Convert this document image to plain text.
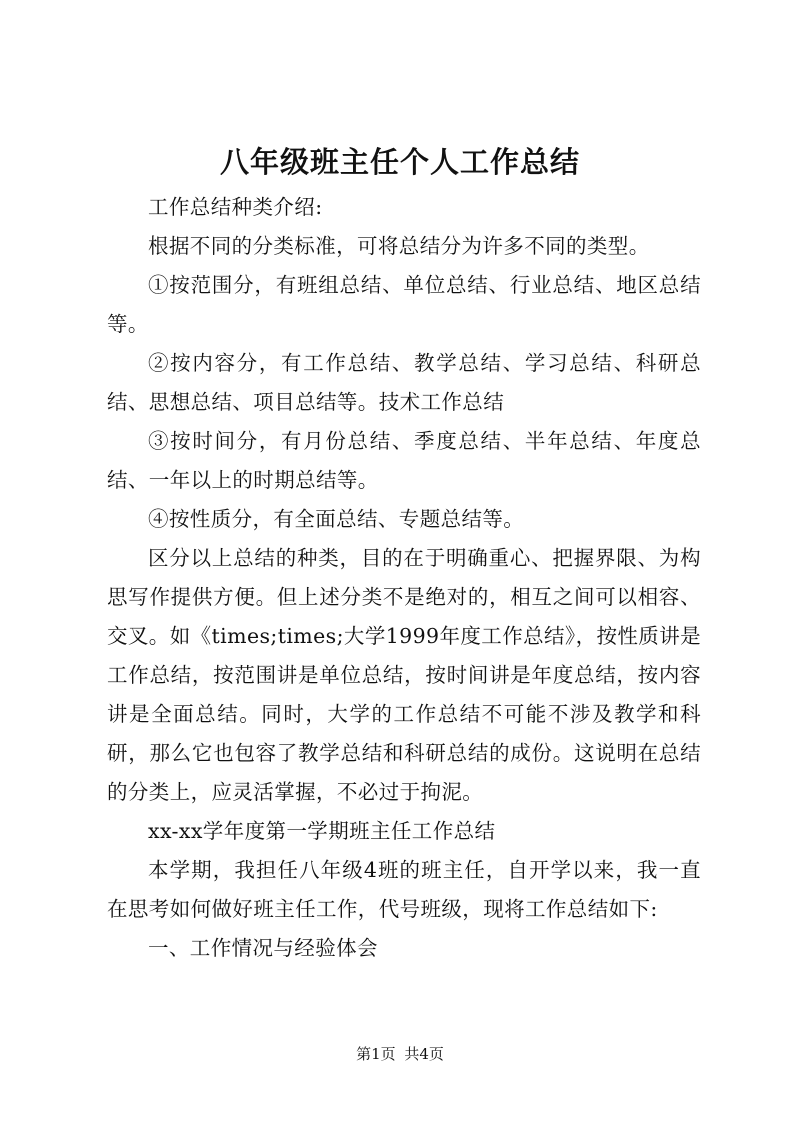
八年级班主任个人工作总结

工作总结种类介绍:

根据不同的分类标准，可将总结分为许多不同的类型。

①按范围分，有班组总结、单位总结、行业总结、地区总结等。

②按内容分，有工作总结、教学总结、学习总结、科研总结、思想总结、项目总结等。技术工作总结

③按时间分，有月份总结、季度总结、半年总结、年度总结、一年以上的时期总结等。

④按性质分，有全面总结、专题总结等。

区分以上总结的种类，目的在于明确重心、把握界限、为构思写作提供方便。但上述分类不是绝对的，相互之间可以相容、交叉。如《times;times;大学1999年度工作总结》，按性质讲是工作总结，按范围讲是单位总结，按时间讲是年度总结，按内容讲是全面总结。同时，大学的工作总结不可能不涉及教学和科研，那么它也包容了教学总结和科研总结的成份。这说明在总结的分类上，应灵活掌握，不必过于拘泥。

xx-xx学年度第一学期班主任工作总结

本学期，我担任八年级4班的班主任，自开学以来，我一直在思考如何做好班主任工作，代号班级，现将工作总结如下:

一、工作情况与经验体会

第1页 共4页
